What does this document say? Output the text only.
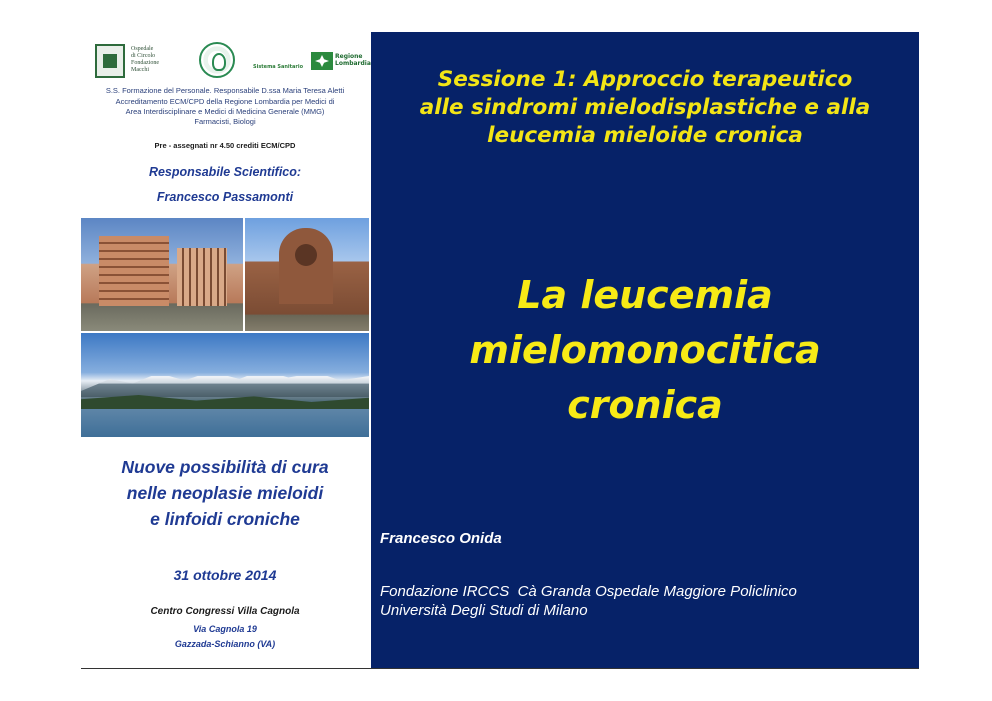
Ospedale
di Circolo
Fondazione
Macchi	Sistema Sanitario
Regione
Lombardia
S.S. Formazione del Personale. Responsabile D.ssa Maria Teresa Aletti
Accreditamento ECM/CPD della Regione Lombardia per Medici di
Area Interdisciplinare e Medici di Medicina Generale (MMG)
Farmacisti, Biologi
Pre - assegnati nr 4.50 crediti ECM/CPD
Responsabile Scientifico:
Francesco Passamonti
Nuove possibilità di cura
nelle neoplasie mieloidi
e linfoidi croniche
31 ottobre 2014
Centro Congressi Villa Cagnola
Via Cagnola 19
Gazzada-Schianno (VA)
Sessione 1: Approccio terapeutico
alle sindromi mielodisplastiche e alla
leucemia mieloide cronica
La leucemia
mielomonocitica
cronica
Francesco Onida
Fondazione IRCCS  Cà Granda Ospedale Maggiore Policlinico
Università Degli Studi di Milano
